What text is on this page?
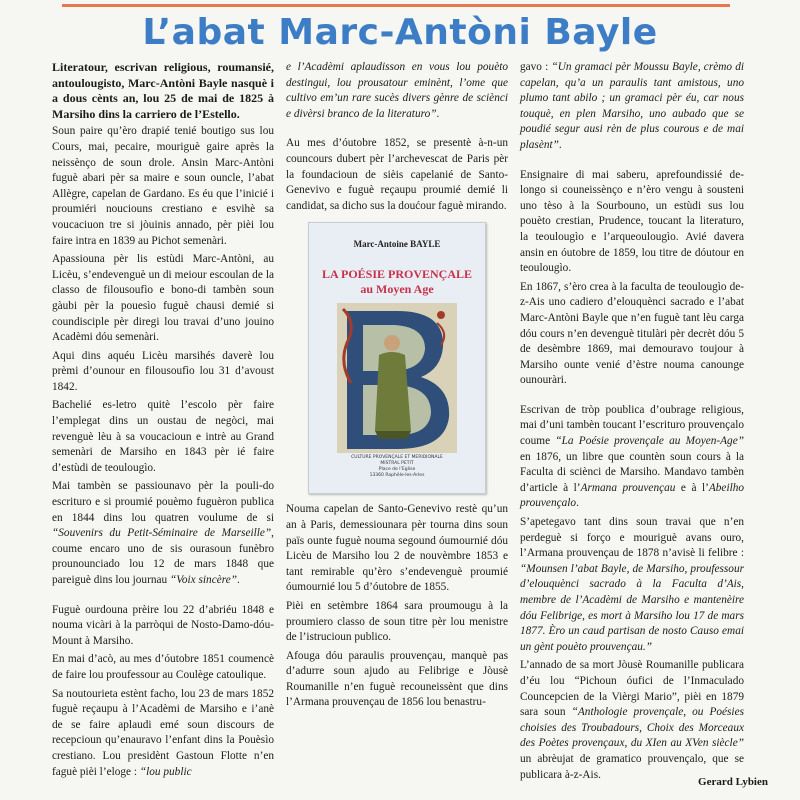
L’abat Marc-Antòni Bayle

Literatour, escrivan religious, roumansié, antoulougisto, Marc-Antòni Bayle nasquè i a dous cènts an, lou 25 de mai de 1825 à Marsiho dins la carriero de l’Estello.

Soun paire qu’èro drapié tenié boutigo sus lou Cours, mai, pecaire, mouriguè gaire après la neissènço de soun drole. Ansin Marc-Antòni fuguè abari pèr sa maire e soun ouncle, l’abat Allègre, capelan de Gardano. Es éu que l’inicié i proumiéri nouciouns crestiano e esvihè sa voucaciuon tre si jòuinis annado, pèr pièi lou faire intra en 1839 au Pichot semenàri.

Apassiouna pèr lis estùdi Marc-Antòni, au Licèu, s’endevenguè un di meiour escoulan de la classo de filousoufìo e bono-di tambèn soun gàubi pèr la pouesìo fuguè chausi demié si coundisciple pèr diregi lou travai d’uno jouino Acadèmi dóu semenàri.

Aqui dins aquéu Licèu marsihés daverè lou prèmi d’ounour en filousoufìo lou 31 d’avoust 1842.

Bachelié es-letro quitè l’escolo pèr faire l’emplegat dins un oustau de negòci, mai revenguè lèu à sa voucacioun e intrè au Grand semenàri de Marsiho en 1843 pèr ié faire d’estùdi de teoulougìo.

Mai tambèn se passiounavo pèr la pouli-do escrituro e si proumié pouèmo fuguèron publica en 1844 dins lou quatren voulume de si “Souvenirs du Petit-Séminaire de Marseille”, coume encaro uno de sis ourasoun funèbro prounounciado lou 12 de mars 1848 que pareiguè dins lou journau “Voix sincère”.

Fuguè ourdouna prèire lou 22 d’abriéu 1848 e nouma vicàri à la parròqui de Nosto-Damo-dóu-Mount à Marsiho.

En mai d’acò, au mes d’óutobre 1851 coumencè de faire lou proufessour au Coulège catoulique.

Sa noutourieta estènt facho, lou 23 de mars 1852 fuguè reçaupu à l’Acadèmi de Marsiho e i’anè de se faire aplaudi emé soun discours de recepcioun qu’enauravo l’enfant dins la Pouèsìo crestiano. Lou presidènt Gastoun Flotte n’en faguè pièi l’eloge : “lou public

e l’Acadèmi aplaudisson en vous lou pouèto destingui, lou prousatour eminènt, l’ome que cultivo em’un rare sucès divers gènre de sciènci e divèrsi branco de la literaturo”.

Au mes d’óutobre 1852, se presentè à-n-un councours dubert pèr l’archevescat de Paris pèr la foundacioun de sièis capelanié de Santo-Genevivo e fuguè reçaupu proumié demié li candidat, sa dicho sus la doućour faguè mirando.

Marc-Antoine BAYLE
LA POÉSIE PROVENÇALE
au Moyen Age
CULTURE PROVENÇALE ET MERIDIONALE
MISTRAL PETIT
Place de l’Eglise
13360 Raphèle-les-Arles

Nouma capelan de Santo-Genevivo restè qu’un an à Paris, demessiounara pèr tourna dins soun païs ounte fuguè nouma segound óumournié dóu Licèu de Marsiho lou 2 de nouvèmbre 1853 e tant remirable qu’èro s’endevenguè proumié óumournié lou 5 d’óutobre de 1855.

Pièi en setèmbre 1864 sara proumougu à la proumiero classo de soun titre pèr lou menistre de l’istrucioun publico.

Afouga dóu paraulis prouvençau, manquè pas d’adurre soun ajudo au Felibrige e Jòusè Roumanille n’en fuguè recouneissènt que dins l’Armana prouvençau de 1856 lou benastru-

gavo : “Un gramaci pèr Moussu Bayle, crèmo di capelan, qu’a un paraulis tant amistous, uno plumo tant abilo ; un gramaci pèr éu, car nous touquè, en plen Marsiho, uno aubado que se poudié segur ausi rèn de plus courous e de mai plasènt”.

Ensignaire di mai saberu, aprefoundissié de-longo si couneissènço e n’èro vengu à sousteni uno tèso à la Sourbouno, un estùdi sus lou pouèto crestian, Prudence, toucant la literaturo, la teoulougìo e l’arqueoulougìo. Avié davera ansin en óutobre de 1859, lou titre de dóutour en teoulougìo.

En 1867, s’èro crea à la faculta de teoulougìo de-z-Ais uno cadiero d’elouquènci sacrado e l’abat Marc-Antòni Bayle que n’en fuguè tant lèu carga dóu cours n’en devenguè titulàri pèr decrèt dóu 5 de desèmbre 1869, mai demouravo toujour à Marsiho ounte venié d’èstre nouma canounge ounouràri.

Escrivan de tròp poublica d’oubrage religious, mai d’uni tambèn toucant l’escrituro prouvençalo coume “La Poésie provençale au Moyen-Age” en 1876, un libre que countèn soun cours à la Faculta di sciènci de Marsiho. Mandavo tambèn d’article à l’Armana prouvençau e à l’Abeilho prouvençalo.

S’apetegavo tant dins soun travai que n’en perdeguè si forço e mouriguè avans ouro, l’Armana prouvençau de 1878 n’avisè li felibre : “Mounsen l’abat Bayle, de Marsiho, proufessour d’elouquènci sacrado à la Faculta d’Ais, membre de l’Acadèmi de Marsiho e mantenèire dóu Felibrige, es mort à Marsiho lou 17 de mars 1877. Èro un caud partisan de nosto Causo emai un gènt pouèto prouvençau.”

L’annado de sa mort Jòusè Roumanille publicara d’éu lou “Pichoun óufici de l’Inmaculado Councepcien de la Vièrgi Mario”, pièi en 1879 sara soun “Anthologie provençale, ou Poésies choisies des Troubadours, Choix des Morceaux des Poètes provençaux, du XIen au XVen siècle” un abrèujat de gramatico prouvençalo, que se publicara à-z-Ais.

Gerard Lybien
